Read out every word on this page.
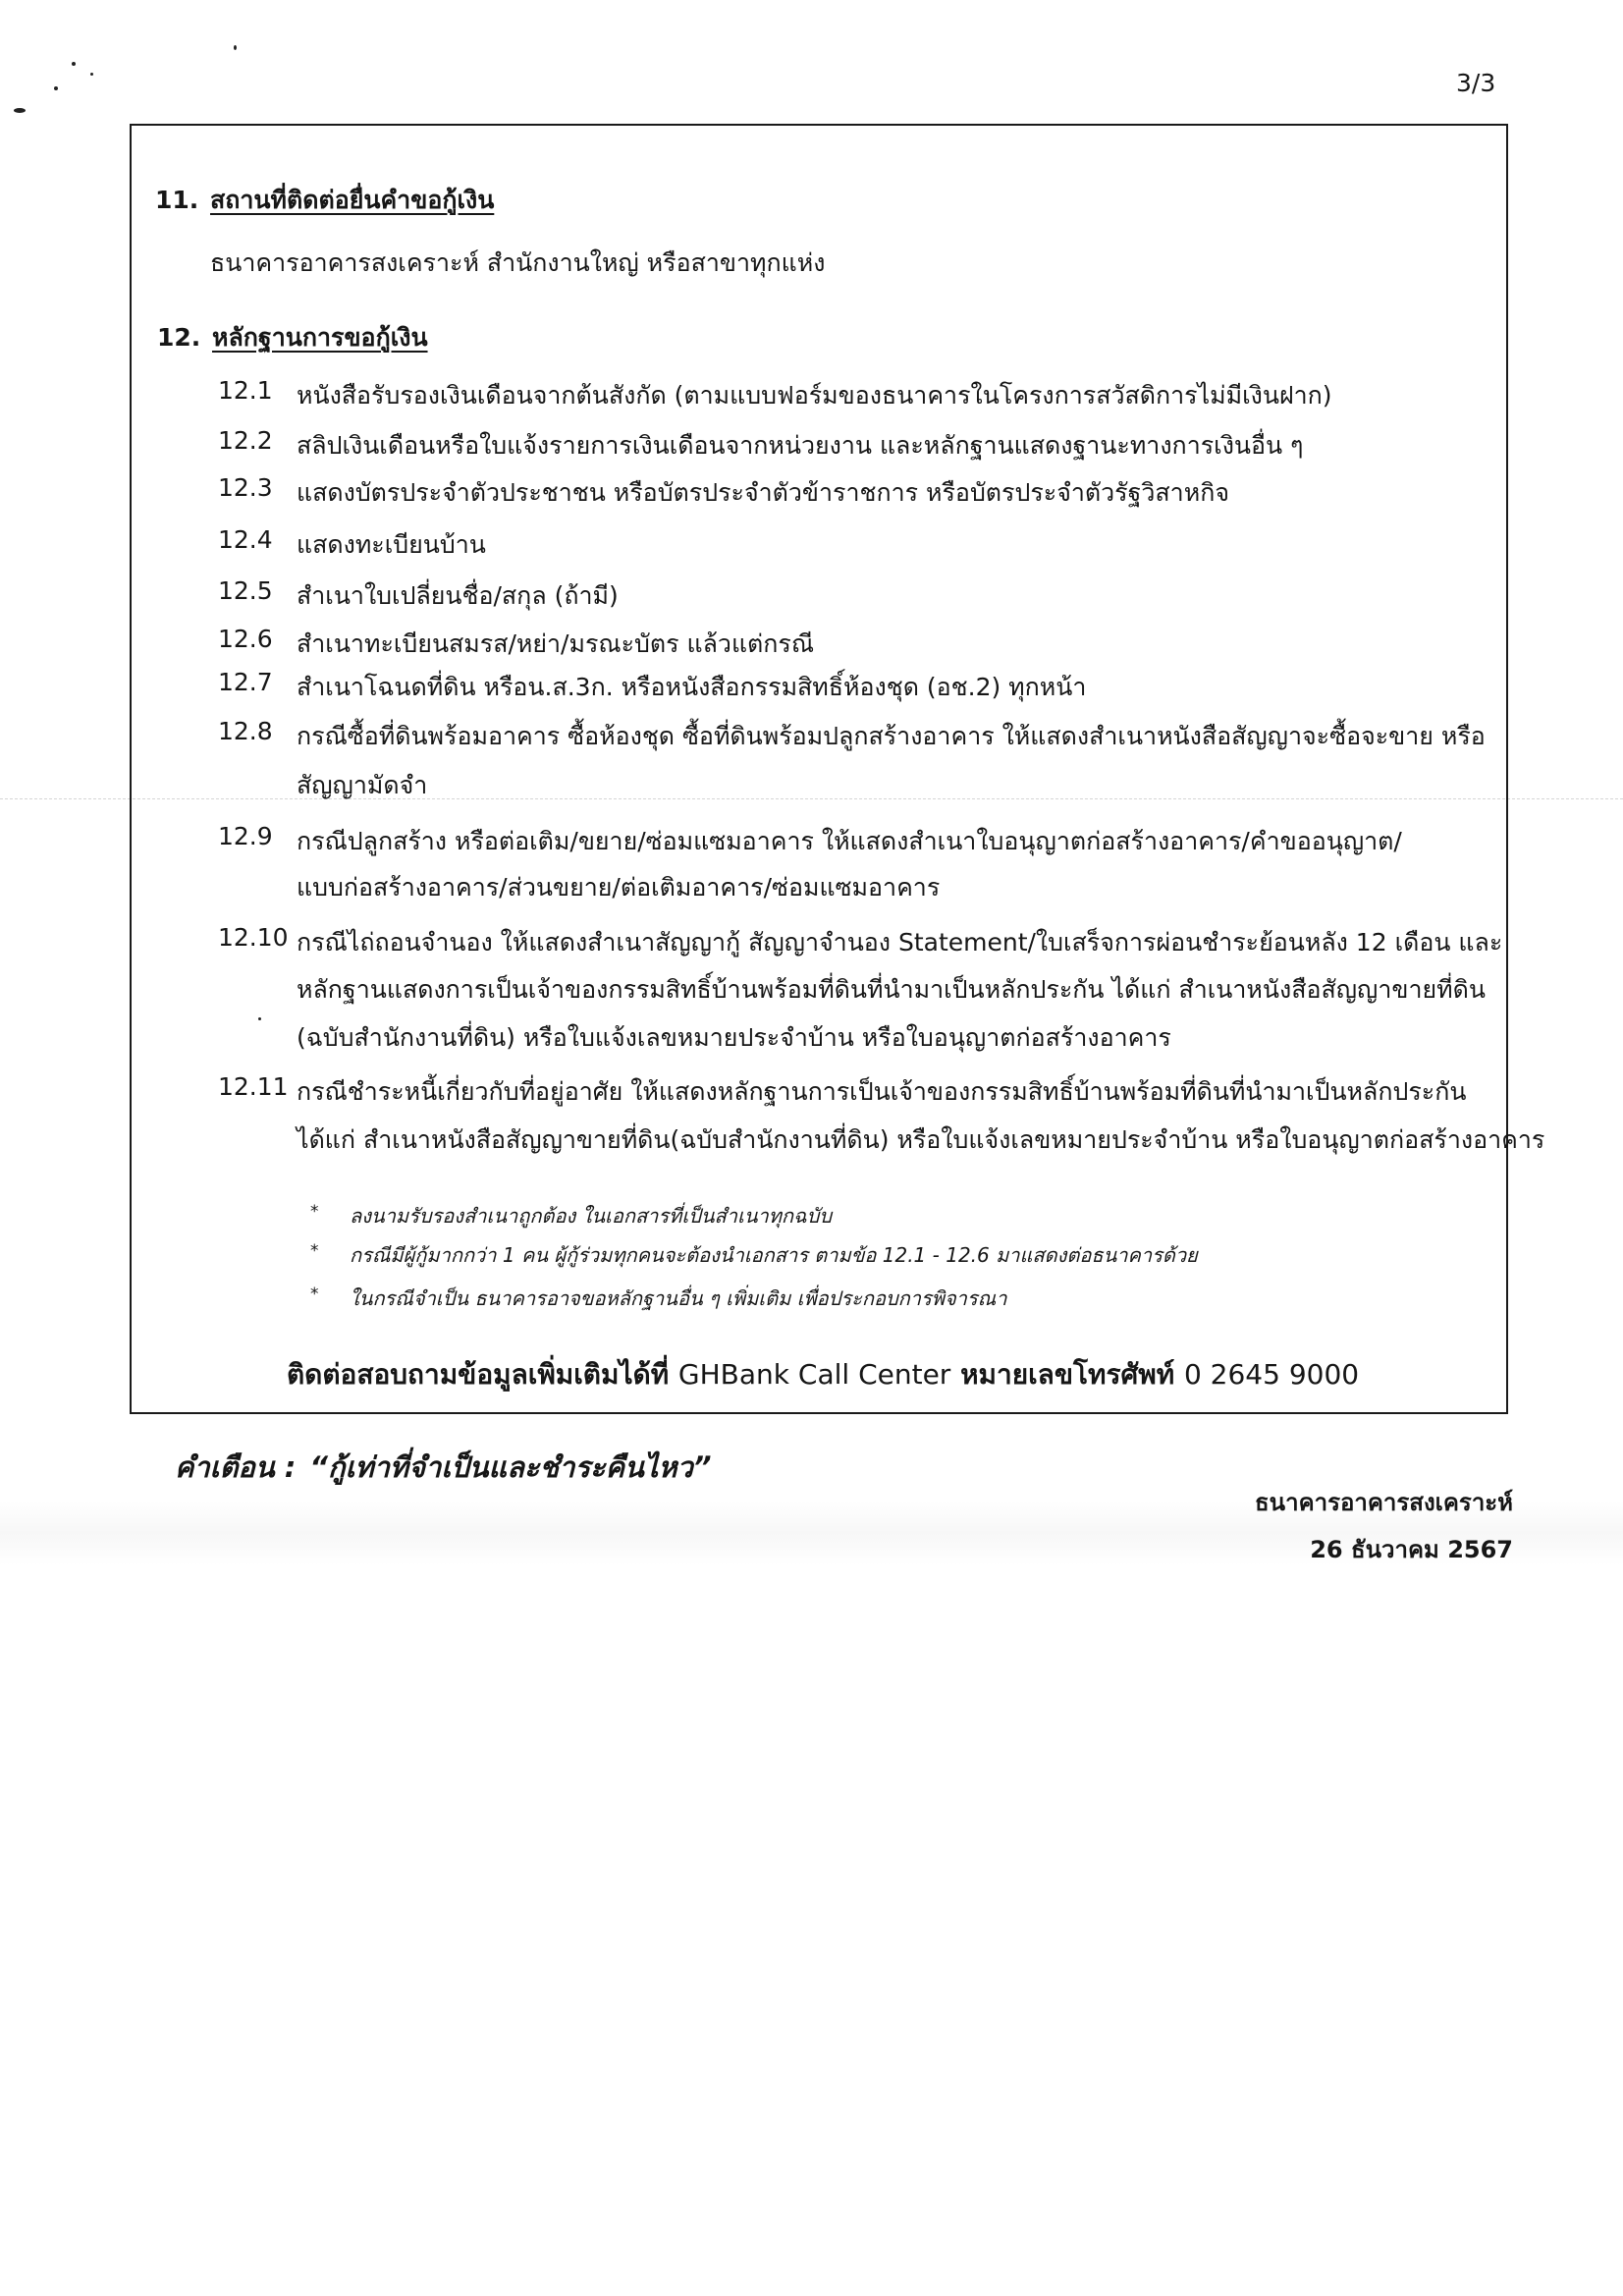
3/3
11. สถานที่ติดต่อยื่นคำขอกู้เงิน
ธนาคารอาคารสงเคราะห์ สำนักงานใหญ่ หรือสาขาทุกแห่ง
12. หลักฐานการขอกู้เงิน
12.1 หนังสือรับรองเงินเดือนจากต้นสังกัด (ตามแบบฟอร์มของธนาคารในโครงการสวัสดิการไม่มีเงินฝาก)
12.2 สลิปเงินเดือนหรือใบแจ้งรายการเงินเดือนจากหน่วยงาน และหลักฐานแสดงฐานะทางการเงินอื่น ๆ
12.3 แสดงบัตรประจำตัวประชาชน หรือบัตรประจำตัวข้าราชการ หรือบัตรประจำตัวรัฐวิสาหกิจ
12.4 แสดงทะเบียนบ้าน
12.5 สำเนาใบเปลี่ยนชื่อ/สกุล (ถ้ามี)
12.6 สำเนาทะเบียนสมรส/หย่า/มรณะบัตร แล้วแต่กรณี
12.7 สำเนาโฉนดที่ดิน หรือน.ส.3ก. หรือหนังสือกรรมสิทธิ์ห้องชุด (อช.2) ทุกหน้า
12.8 กรณีซื้อที่ดินพร้อมอาคาร ซื้อห้องชุด ซื้อที่ดินพร้อมปลูกสร้างอาคาร ให้แสดงสำเนาหนังสือสัญญาจะซื้อจะขาย หรือ
สัญญามัดจำ
12.9 กรณีปลูกสร้าง หรือต่อเติม/ขยาย/ซ่อมแซมอาคาร ให้แสดงสำเนาใบอนุญาตก่อสร้างอาคาร/คำขออนุญาต/
แบบก่อสร้างอาคาร/ส่วนขยาย/ต่อเติมอาคาร/ซ่อมแซมอาคาร
12.10 กรณีไถ่ถอนจำนอง ให้แสดงสำเนาสัญญากู้ สัญญาจำนอง Statement/ใบเสร็จการผ่อนชำระย้อนหลัง 12 เดือน และ
หลักฐานแสดงการเป็นเจ้าของกรรมสิทธิ์บ้านพร้อมที่ดินที่นำมาเป็นหลักประกัน ได้แก่ สำเนาหนังสือสัญญาขายที่ดิน
(ฉบับสำนักงานที่ดิน) หรือใบแจ้งเลขหมายประจำบ้าน หรือใบอนุญาตก่อสร้างอาคาร
12.11 กรณีชำระหนี้เกี่ยวกับที่อยู่อาศัย ให้แสดงหลักฐานการเป็นเจ้าของกรรมสิทธิ์บ้านพร้อมที่ดินที่นำมาเป็นหลักประกัน
ได้แก่ สำเนาหนังสือสัญญาขายที่ดิน(ฉบับสำนักงานที่ดิน) หรือใบแจ้งเลขหมายประจำบ้าน หรือใบอนุญาตก่อสร้างอาคาร
* ลงนามรับรองสำเนาถูกต้อง ในเอกสารที่เป็นสำเนาทุกฉบับ
* กรณีมีผู้กู้มากกว่า 1 คน ผู้กู้ร่วมทุกคนจะต้องนำเอกสาร ตามข้อ 12.1 - 12.6 มาแสดงต่อธนาคารด้วย
* ในกรณีจำเป็น ธนาคารอาจขอหลักฐานอื่น ๆ เพิ่มเติม เพื่อประกอบการพิจารณา
ติดต่อสอบถามข้อมูลเพิ่มเติมได้ที่ GHBank Call Center หมายเลขโทรศัพท์ 0 2645 9000
คำเตือน : “กู้เท่าที่จำเป็นและชำระคืนไหว”
ธนาคารอาคารสงเคราะห์
26 ธันวาคม 2567
